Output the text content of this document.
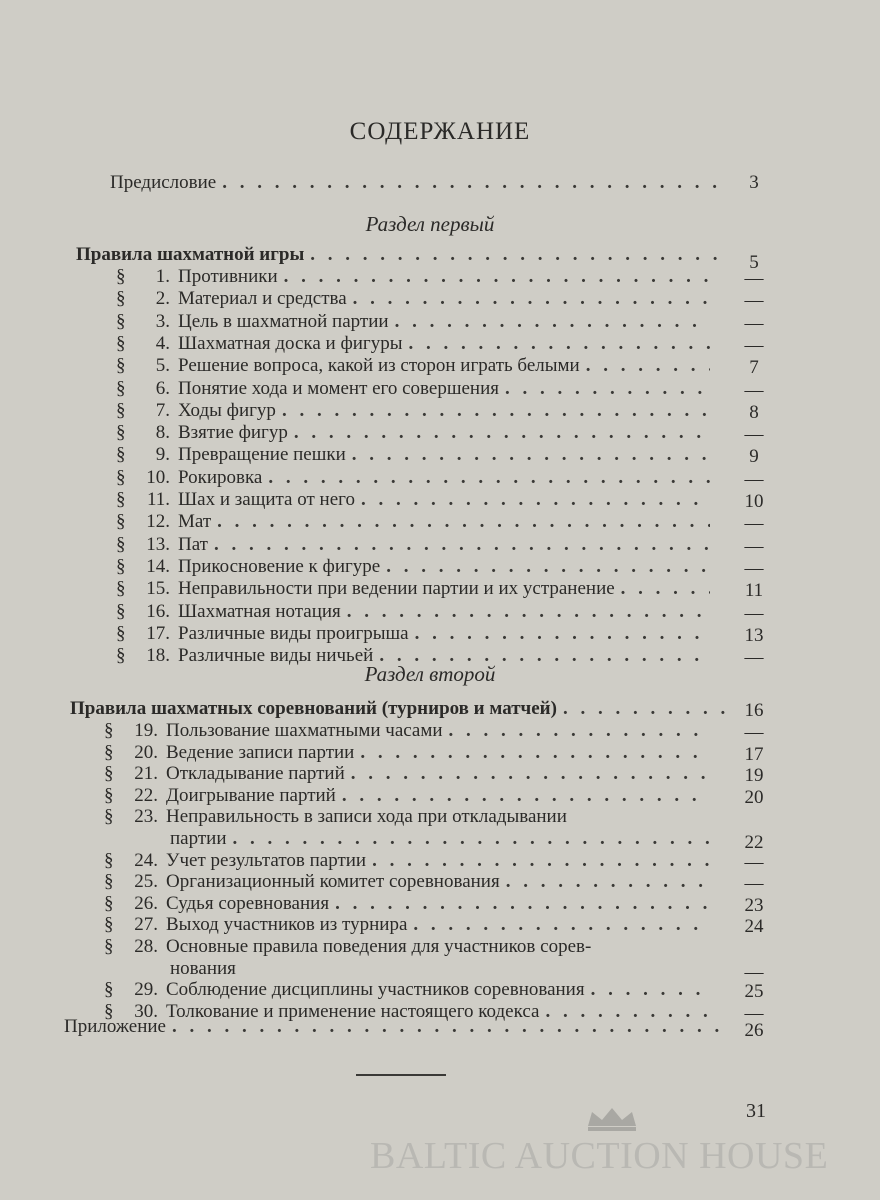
СОДЕРЖАНИЕ
Предисловие . . .	3
Раздел первый
Правила шахматной игры . . .	5
§	1. Противники . . .	—
§	2. Материал и средства . . .	—
§	3. Цель в шахматной партии . . .	—
§	4. Шахматная доска и фигуры . . .	—
§	5. Решение вопроса, какой из сторон играть белыми . . .	7
§	6. Понятие хода и момент его совершения . . .	—
§	7. Ходы фигур . . .	8
§	8. Взятие фигур . . .	—
§	9. Превращение пешки . . .	9
§	10. Рокировка . . .	—
§	11. Шах и защита от него . . .	10
§	12. Мат . . .	—
§	13. Пат . . .	—
§	14. Прикосновение к фигуре . . .	—
§	15. Неправильности при ведении партии и их устранение . . .	11
§	16. Шахматная нотация . . .	—
§	17. Различные виды проигрыша . . .	13
§	18. Различные виды ничьей . . .	—
Раздел второй
Правила шахматных соревнований (турниров и матчей) . . .	16
§	19. Пользование шахматными часами . . .	—
§	20. Ведение записи партии . . .	17
§	21. Откладывание партий . . .	19
§	22. Доигрывание партий . . .	20
§	23. Неправильность в записи хода при откладывании
партии . . .	22
§	24. Учет результатов партии . . .	—
§	25. Организационный комитет соревнования . . .	—
§	26. Судья соревнования . . .	23
§	27. Выход участников из турнира . . .	24
§	28. Основные правила поведения для участников сорев-
нования	—
§	29. Соблюдение дисциплины участников соревнования . . .	25
§	30. Толкование и применение настоящего кодекса . . .	—
Приложение . . .	26
31
BALTIC AUCTION HOUSE
